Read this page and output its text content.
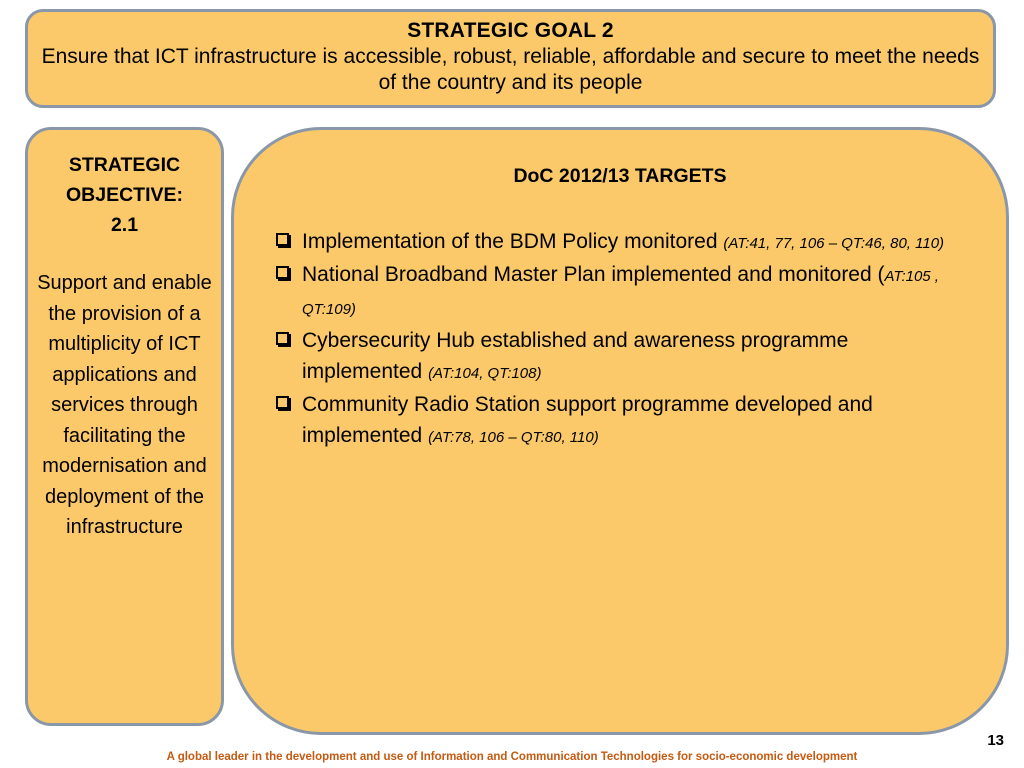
STRATEGIC GOAL 2
Ensure that ICT infrastructure is accessible, robust, reliable, affordable and secure to meet the needs of the country and its people
STRATEGIC
OBJECTIVE:
2.1
Support and enable the provision of a multiplicity of ICT applications and services through facilitating the modernisation and deployment of the infrastructure
DoC 2012/13 TARGETS
Implementation of the BDM Policy monitored (AT:41, 77, 106 – QT:46, 80, 110)
National Broadband Master Plan implemented and monitored (AT:105 , QT:109)
Cybersecurity Hub established and awareness programme implemented (AT:104, QT:108)
Community Radio Station support programme developed and implemented (AT:78, 106 – QT:80, 110)
13
A global leader in the development and use of Information and Communication Technologies for socio-economic development
